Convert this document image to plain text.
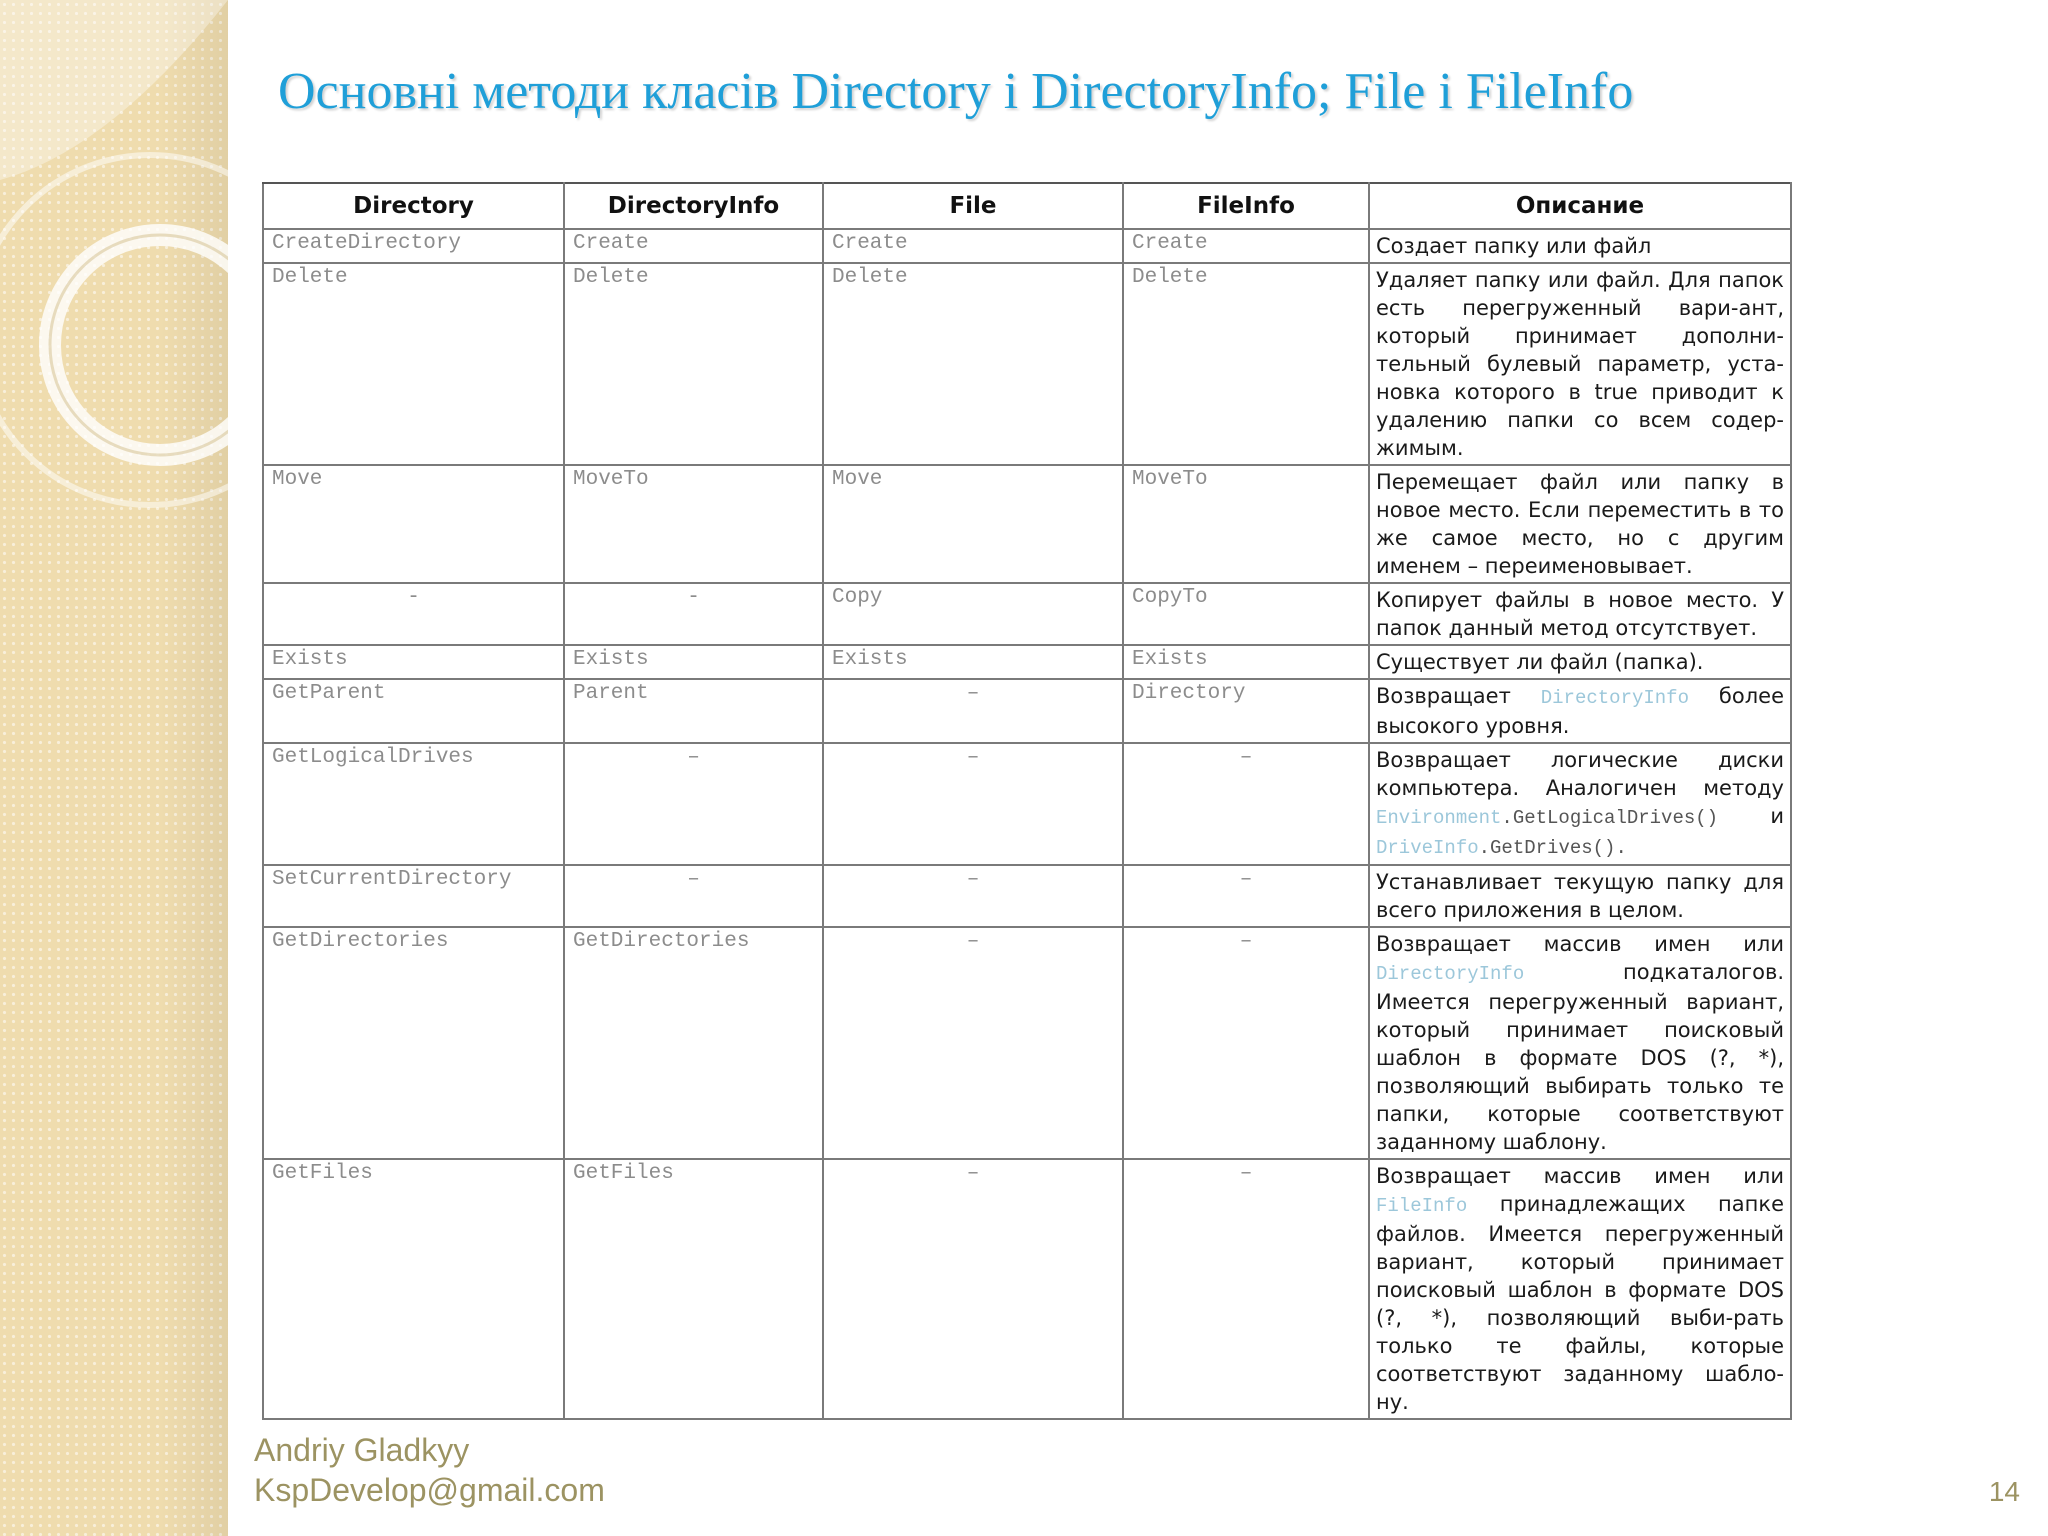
Основні методи класів Directory і DirectoryInfo; File і FileInfo
Directory	DirectoryInfo	File	FileInfo	Описание
CreateDirectory	Create	Create	Create	Создает папку или файл
Delete	Delete	Delete	Delete	Удаляет папку или файл. Для папок есть перегруженный вари-ант, который принимает дополни-тельный булевый параметр, уста-новка которого в true приводит к удалению папки со всем содер-жимым.
Move	MoveTo	Move	MoveTo	Перемещает файл или папку в новое место. Если переместить в то же самое место, но с другим именем – переименовывает.
-	-	Copy	CopyTo	Копирует файлы в новое место. У папок данный метод отсутствует.
Exists	Exists	Exists	Exists	Существует ли файл (папка).
GetParent	Parent	–	Directory	Возвращает DirectoryInfo более высокого уровня.
GetLogicalDrives	–	–	–	Возвращает логические диски компьютера. Аналогичен методу Environment.GetLogicalDrives() и DriveInfo.GetDrives().
SetCurrentDirectory	–	–	–	Устанавливает текущую папку для всего приложения в целом.
GetDirectories	GetDirectories	–	–	Возвращает массив имен или DirectoryInfo подкаталогов. Имеется перегруженный вариант, который принимает поисковый шаблон в формате DOS (?, *), позволяющий выбирать только те папки, которые соответствуют заданному шаблону.
GetFiles	GetFiles	–	–	Возвращает массив имен или FileInfo принадлежащих папке файлов. Имеется перегруженный вариант, который принимает поисковый шаблон в формате DOS (?, *), позволяющий выби-рать только те файлы, которые соответствуют заданному шабло-ну.
Andriy Gladkyy
KspDevelop@gmail.com	14
